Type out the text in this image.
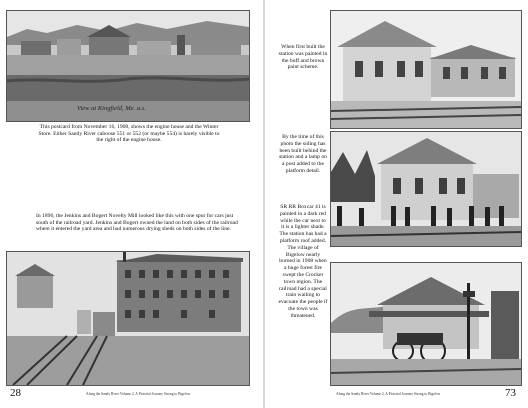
View at Kingfield, Me. a.s.
This postcard from November 16, 1908, shows the engine house and the Winter Store. Either Sandy River caboose 551 or 552 (or maybe 554) is barely visible to the right of the engine house.
In 1896, the Jenkins and Bogert Novelty Mill looked like this with one spur for cars just south of the railroad yard. Jenkins and Bogert owned the land on both sides of the railroad where it entered the yard area and had numerous drying sheds on both sides of the line.
28	Along the Sandy River Volume 2, A Pictorial Journey Strong to Bigelow
When first built the station was painted in the buff and brown paint scheme.
By the time of this photo the siding has been built behind the station and a lamp on a post added to the platform detail.
SR RR Boxcar 41 is painted in a dark red while the car next to it is a lighter shade. The station has had a platform roof added. The village of Bigelow nearly burned in 1908 when a huge forest fire swept the Crocker town region. The railroad had a special train waiting to evacuate the people if the town was threatened.
73
Along the Sandy River Volume 2, A Pictorial Journey Strong to Bigelow
